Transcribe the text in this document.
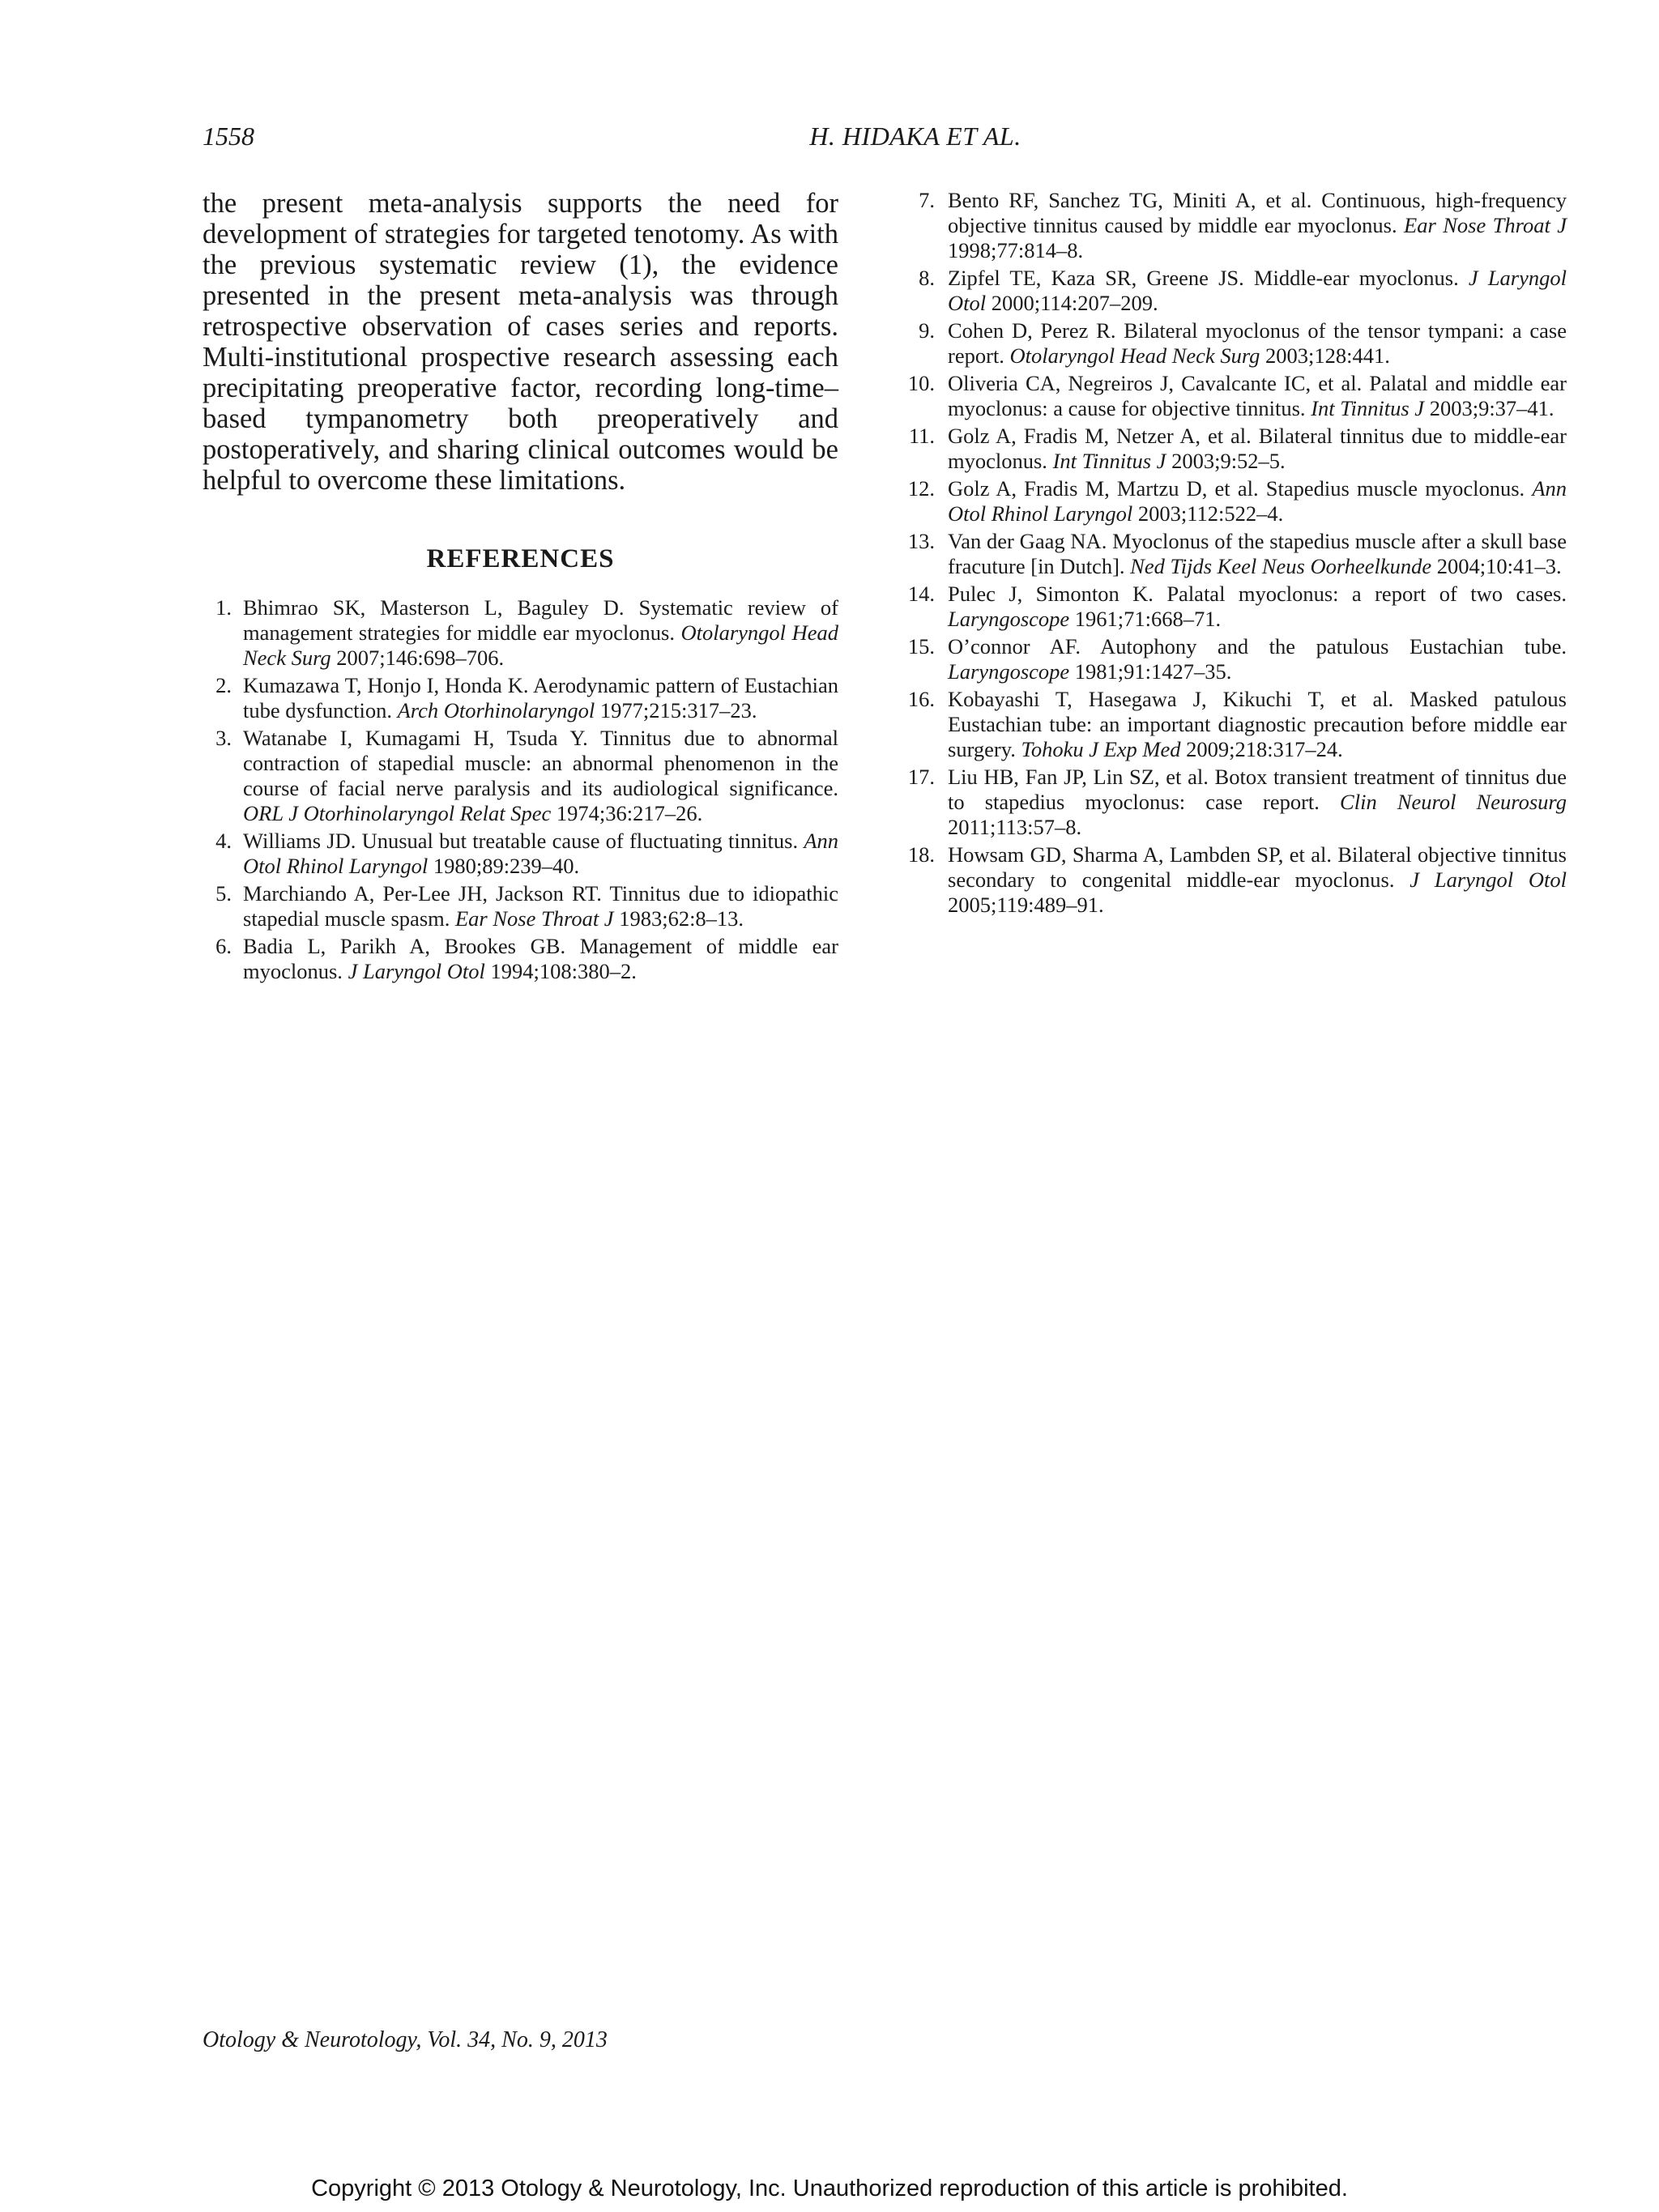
1558	H. HIDAKA ET AL.

the present meta-analysis supports the need for development of strategies for targeted tenotomy. As with the previous systematic review (1), the evidence presented in the present meta-analysis was through retrospective observation of cases series and reports. Multi-institutional prospective research assessing each precipitating preoperative factor, recording long-time–based tympanometry both preoperatively and postoperatively, and sharing clinical outcomes would be helpful to overcome these limitations.

REFERENCES
1. Bhimrao SK, Masterson L, Baguley D. Systematic review of management strategies for middle ear myoclonus. Otolaryngol Head Neck Surg 2007;146:698–706.
2. Kumazawa T, Honjo I, Honda K. Aerodynamic pattern of Eustachian tube dysfunction. Arch Otorhinolaryngol 1977;215:317–23.
3. Watanabe I, Kumagami H, Tsuda Y. Tinnitus due to abnormal contraction of stapedial muscle: an abnormal phenomenon in the course of facial nerve paralysis and its audiological significance. ORL J Otorhinolaryngol Relat Spec 1974;36:217–26.
4. Williams JD. Unusual but treatable cause of fluctuating tinnitus. Ann Otol Rhinol Laryngol 1980;89:239–40.
5. Marchiando A, Per-Lee JH, Jackson RT. Tinnitus due to idiopathic stapedial muscle spasm. Ear Nose Throat J 1983;62:8–13.
6. Badia L, Parikh A, Brookes GB. Management of middle ear myoclonus. J Laryngol Otol 1994;108:380–2.
7. Bento RF, Sanchez TG, Miniti A, et al. Continuous, high-frequency objective tinnitus caused by middle ear myoclonus. Ear Nose Throat J 1998;77:814–8.
8. Zipfel TE, Kaza SR, Greene JS. Middle-ear myoclonus. J Laryngol Otol 2000;114:207–209.
9. Cohen D, Perez R. Bilateral myoclonus of the tensor tympani: a case report. Otolaryngol Head Neck Surg 2003;128:441.
10. Oliveria CA, Negreiros J, Cavalcante IC, et al. Palatal and middle ear myoclonus: a cause for objective tinnitus. Int Tinnitus J 2003;9:37–41.
11. Golz A, Fradis M, Netzer A, et al. Bilateral tinnitus due to middle-ear myoclonus. Int Tinnitus J 2003;9:52–5.
12. Golz A, Fradis M, Martzu D, et al. Stapedius muscle myoclonus. Ann Otol Rhinol Laryngol 2003;112:522–4.
13. Van der Gaag NA. Myoclonus of the stapedius muscle after a skull base fracuture [in Dutch]. Ned Tijds Keel Neus Oorheelkunde 2004;10:41–3.
14. Pulec J, Simonton K. Palatal myoclonus: a report of two cases. Laryngoscope 1961;71:668–71.
15. O’connor AF. Autophony and the patulous Eustachian tube. Laryngoscope 1981;91:1427–35.
16. Kobayashi T, Hasegawa J, Kikuchi T, et al. Masked patulous Eustachian tube: an important diagnostic precaution before middle ear surgery. Tohoku J Exp Med 2009;218:317–24.
17. Liu HB, Fan JP, Lin SZ, et al. Botox transient treatment of tinnitus due to stapedius myoclonus: case report. Clin Neurol Neurosurg 2011;113:57–8.
18. Howsam GD, Sharma A, Lambden SP, et al. Bilateral objective tinnitus secondary to congenital middle-ear myoclonus. J Laryngol Otol 2005;119:489–91.
Otology & Neurotology, Vol. 34, No. 9, 2013
Copyright © 2013 Otology & Neurotology, Inc. Unauthorized reproduction of this article is prohibited.
